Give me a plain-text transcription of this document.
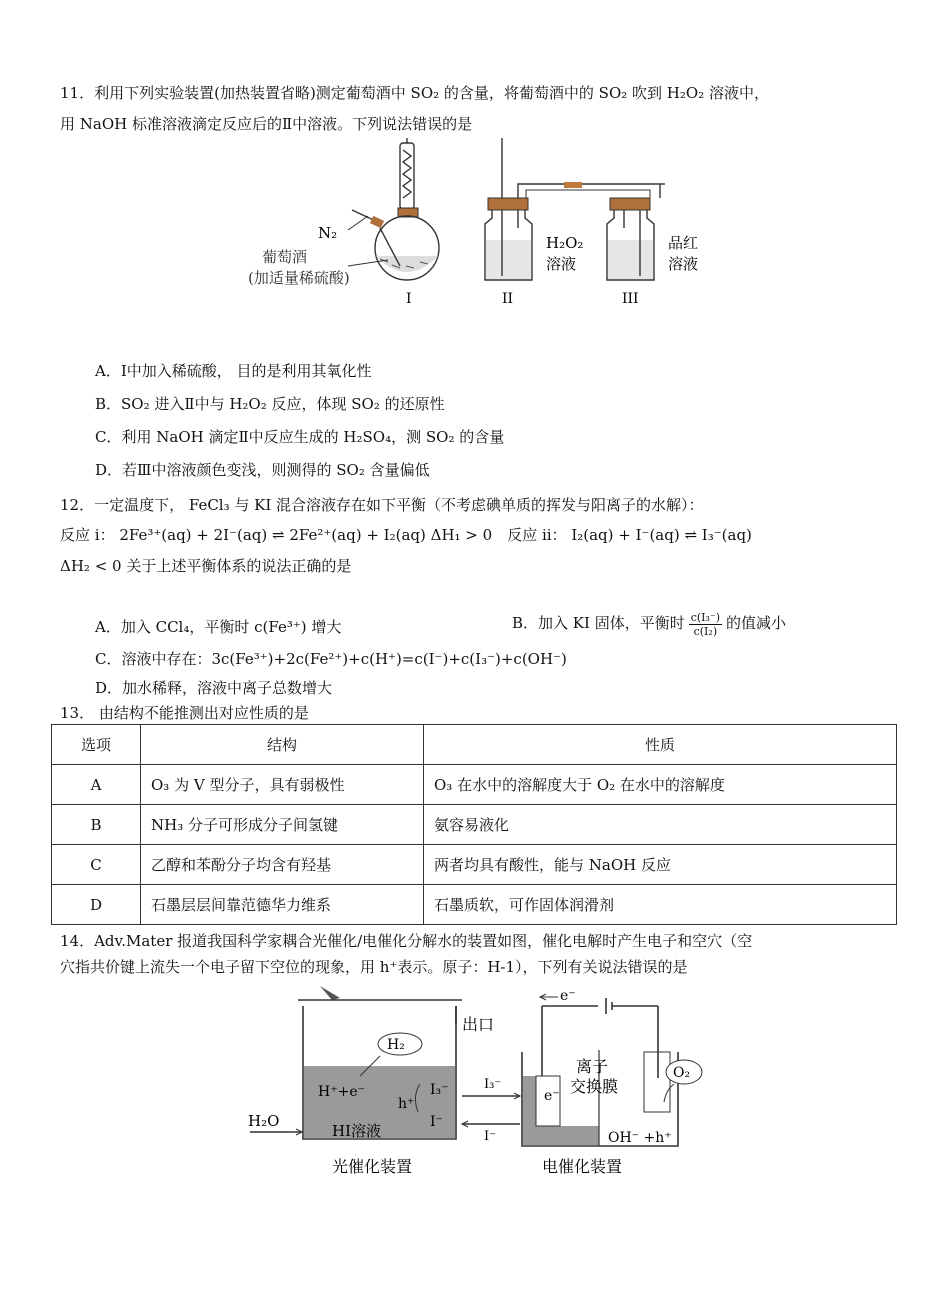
11．利用下列实验装置(加热装置省略)测定葡萄酒中 SO₂ 的含量，将葡萄酒中的 SO₂ 吹到 H₂O₂ 溶液中，
用 NaOH 标准溶液滴定反应后的Ⅱ中溶液。下列说法错误的是
N₂
葡萄酒
(加适量稀硫酸)
I
H₂O₂
溶液
II
品红
溶液
III
A．Ⅰ中加入稀硫酸， 目的是利用其氧化性
B．SO₂ 进入Ⅱ中与 H₂O₂ 反应，体现 SO₂ 的还原性
C．利用 NaOH 滴定Ⅱ中反应生成的 H₂SO₄，测 SO₂ 的含量
D．若Ⅲ中溶液颜色变浅，则测得的 SO₂ 含量偏低
12．一定温度下， FeCl₃ 与 KI 混合溶液存在如下平衡（不考虑碘单质的挥发与阳离子的水解）：
反应 i： 2Fe³⁺(aq) + 2I⁻(aq) ⇌ 2Fe²⁺(aq) + I₂(aq) ΔH₁ > 0　反应 ii： I₂(aq) + I⁻(aq) ⇌ I₃⁻(aq)
ΔH₂ < 0 关于上述平衡体系的说法正确的是
A．加入 CCl₄，平衡时 c(Fe³⁺) 增大	B．加入 KI 固体，平衡时 $\frac{\text{c(I₃⁻)}}{\text{c(I₂)}}$ 的值减小
C．溶液中存在：3c(Fe³⁺)+2c(Fe²⁺)+c(H⁺)=c(I⁻)+c(I₃⁻)+c(OH⁻)
D．加水稀释，溶液中离子总数增大
13． 由结构不能推测出对应性质的是
选项	结构	性质
A	O₃ 为 V 型分子，具有弱极性	O₃ 在水中的溶解度大于 O₂ 在水中的溶解度
B	NH₃ 分子可形成分子间氢键	氨容易液化
C	乙醇和苯酚分子均含有羟基	两者均具有酸性，能与 NaOH 反应
D	石墨层层间靠范德华力维系	石墨质软，可作固体润滑剂
14．Adv.Mater 报道我国科学家耦合光催化/电催化分解水的装置如图，催化电解时产生电子和空穴（空
穴指共价键上流失一个电子留下空位的现象，用 h⁺表示。原子：H-1），下列有关说法错误的是
出口
H₂
H⁺+e⁻
h⁺
I₃⁻
I⁻
HI溶液
H₂O
I₃⁻
I⁻
e⁻
e⁻
离子
交换膜
O₂
OH⁻ +h⁺
光催化装置	电催化装置
